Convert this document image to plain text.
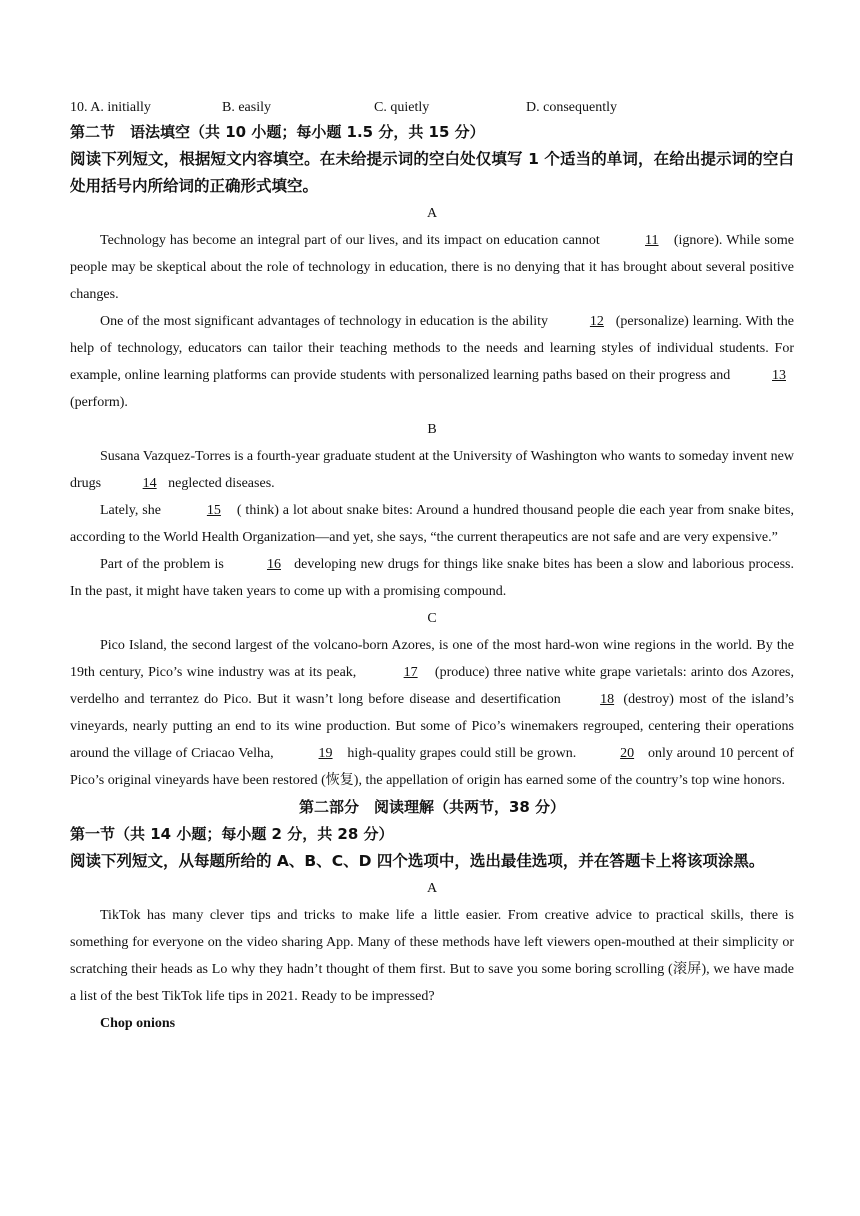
10. A. initially	B. easily	C. quietly	D. consequently
第二节　语法填空（共 10 小题；每小题 1.5 分，共 15 分）
阅读下列短文，根据短文内容填空。在未给提示词的空白处仅填写 1 个适当的单词，在给出提示词的空白处用括号内所给词的正确形式填空。
A

Technology has become an integral part of our lives, and its impact on education cannot	11 (ignore). While some people may be skeptical about the role of technology in education, there is no denying that it has brought about several positive changes.

One of the most significant advantages of technology in education is the ability	12 (personalize) learning. With the help of technology, educators can tailor their teaching methods to the needs and learning styles of individual students. For example, online learning platforms can provide students with personalized learning paths based on their progress and	13 (perform).

B

Susana Vazquez-Torres is a fourth-year graduate student at the University of Washington who wants to someday invent new drugs	14 neglected diseases.

Lately, she	15 ( think) a lot about snake bites: Around a hundred thousand people die each year from snake bites, according to the World Health Organization—and yet, she says, “the current therapeutics are not safe and are very expensive.”

Part of the problem is	16 developing new drugs for things like snake bites has been a slow and laborious process. In the past, it might have taken years to come up with a promising compound.

C

Pico Island, the second largest of the volcano-born Azores, is one of the most hard-won wine regions in the world. By the 19th century, Pico’s wine industry was at its peak,	17 (produce) three native white grape varietals: arinto dos Azores, verdelho and terrantez do Pico. But it wasn’t long before disease and desertification 18 (destroy) most of the island’s vineyards, nearly putting an end to its wine production. But some of Pico’s winemakers regrouped, centering their operations around the village of Criacao Velha,	19 high-quality grapes could still be grown.	20 only around 10 percent of Pico’s original vineyards have been restored (恢复), the appellation of origin has earned some of the country’s top wine honors.

第二部分　阅读理解（共两节，38 分）
第一节（共 14 小题；每小题 2 分，共 28 分）
阅读下列短文，从每题所给的 A、B、C、D 四个选项中，选出最佳选项，并在答题卡上将该项涂黑。
A

TikTok has many clever tips and tricks to make life a little easier. From creative advice to practical skills, there is something for everyone on the video sharing App. Many of these methods have left viewers open-mouthed at their simplicity or scratching their heads as Lo why they hadn’t thought of them first. But to save you some boring scrolling (滚屏), we have made a list of the best TikTok life tips in 2021. Ready to be impressed?

Chop onions
